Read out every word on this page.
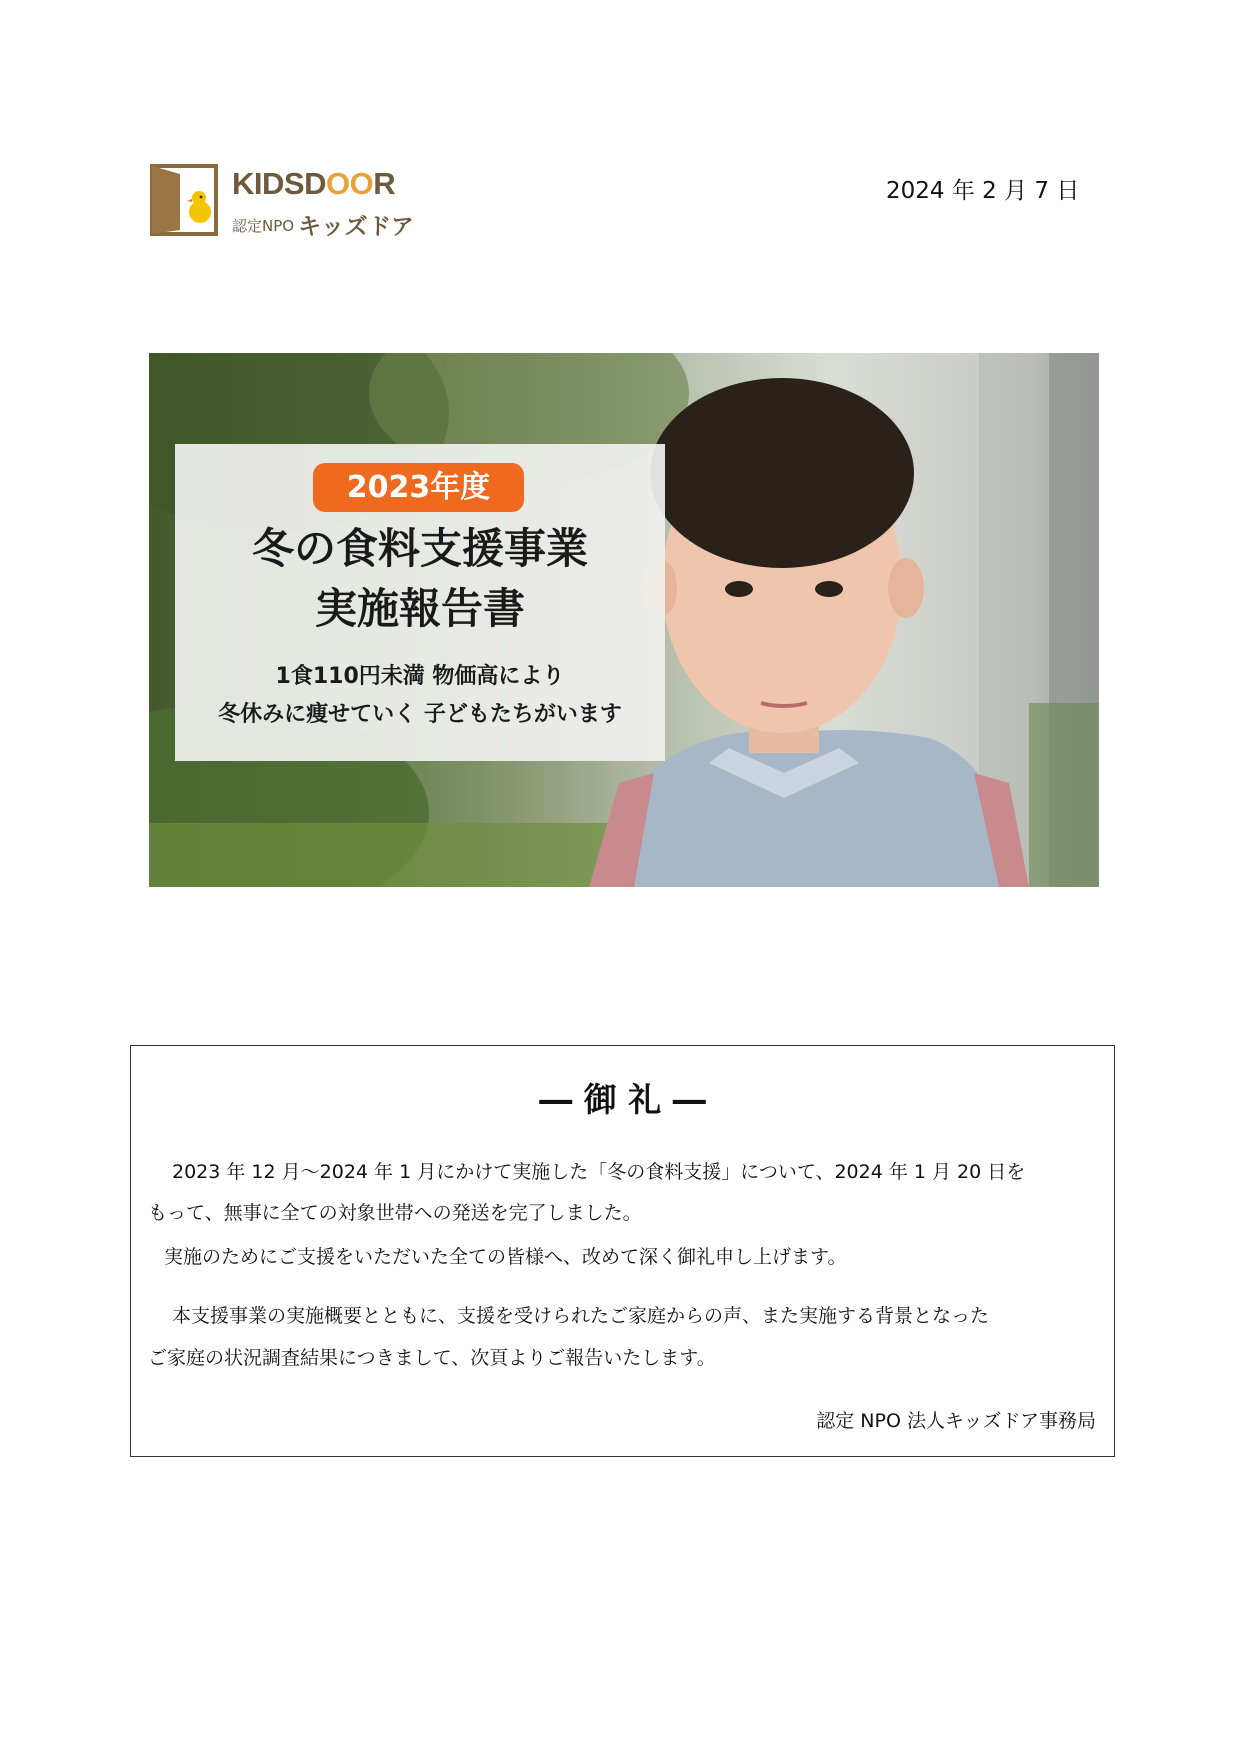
KIDSDOOR
認定NPO キッズドア
2024 年 2 月 7 日
2023年度
冬の食料支援事業
実施報告書
1食110円未満 物価高により
冬休みに痩せていく 子どもたちがいます
― 御 礼 ―
2023 年 12 月～2024 年 1 月にかけて実施した「冬の食料支援」について、2024 年 1 月 20 日を
もって、無事に全ての対象世帯への発送を完了しました。
実施のためにご支援をいただいた全ての皆様へ、改めて深く御礼申し上げます。
本支援事業の実施概要とともに、支援を受けられたご家庭からの声、また実施する背景となった
ご家庭の状況調査結果につきまして、次頁よりご報告いたします。
認定 NPO 法人キッズドア事務局
